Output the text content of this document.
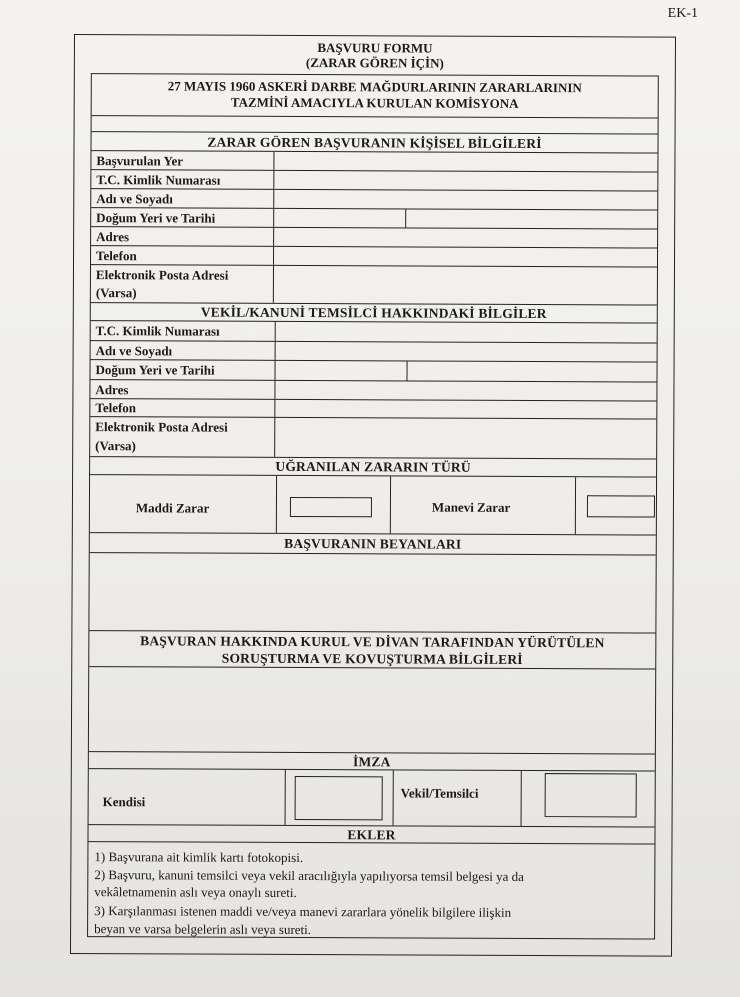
EK-1
BAŞVURU FORMU
(ZARAR GÖREN İÇİN)
27 MAYIS 1960 ASKERİ DARBE MAĞDURLARININ ZARARLARININ
TAZMİNİ AMACIYLA KURULAN KOMİSYONA
ZARAR GÖREN BAŞVURANIN KİŞİSEL BİLGİLERİ
Başvurulan Yer
T.C. Kimlik Numarası
Adı ve Soyadı
Doğum Yeri ve Tarihi
Adres
Telefon
Elektronik Posta Adresi
(Varsa)
VEKİL/KANUNİ TEMSİLCİ HAKKINDAKİ BİLGİLER
T.C. Kimlik Numarası
Adı ve Soyadı
Doğum Yeri ve Tarihi
Adres
Telefon
Elektronik Posta Adresi
(Varsa)
UĞRANILAN ZARARIN TÜRÜ
Maddi Zarar	Manevi Zarar
BAŞVURANIN BEYANLARI
BAŞVURAN HAKKINDA KURUL VE DİVAN TARAFINDAN YÜRÜTÜLEN
SORUŞTURMA VE KOVUŞTURMA BİLGİLERİ
İMZA
Kendisi
Vekil/Temsilci
EKLER
1) Başvurana ait kimlik kartı fotokopisi.
2) Başvuru, kanuni temsilci veya vekil aracılığıyla yapılıyorsa temsil belgesi ya da
vekâletnamenin aslı veya onaylı sureti.
3) Karşılanması istenen maddi ve/veya manevi zararlara yönelik bilgilere ilişkin
beyan ve varsa belgelerin aslı veya sureti.
